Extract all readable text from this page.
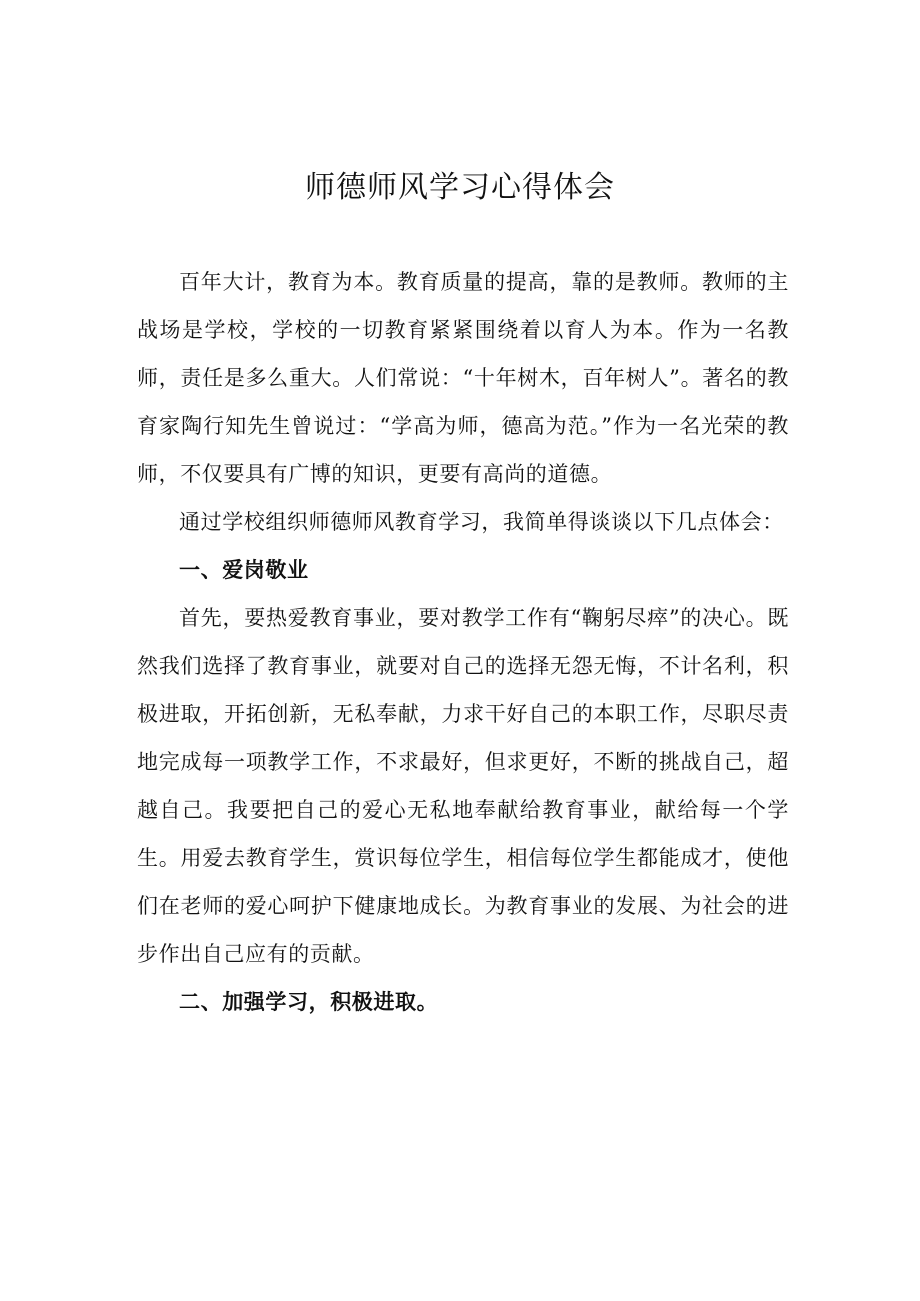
师德师风学习心得体会

百年大计，教育为本。教育质量的提高，靠的是教师。教师的主战场是学校，学校的一切教育紧紧围绕着以育人为本。作为一名教师，责任是多么重大。人们常说：“十年树木，百年树人”。著名的教育家陶行知先生曾说过：“学高为师，德高为范。”作为一名光荣的教师，不仅要具有广博的知识，更要有高尚的道德。

通过学校组织师德师风教育学习，我简单得谈谈以下几点体会：

一、爱岗敬业

首先，要热爱教育事业，要对教学工作有“鞠躬尽瘁”的决心。既然我们选择了教育事业，就要对自己的选择无怨无悔，不计名利，积极进取，开拓创新，无私奉献，力求干好自己的本职工作，尽职尽责地完成每一项教学工作，不求最好，但求更好，不断的挑战自己，超越自己。我要把自己的爱心无私地奉献给教育事业，献给每一个学生。用爱去教育学生，赏识每位学生，相信每位学生都能成才，使他们在老师的爱心呵护下健康地成长。为教育事业的发展、为社会的进步作出自己应有的贡献。

二、加强学习，积极进取。
